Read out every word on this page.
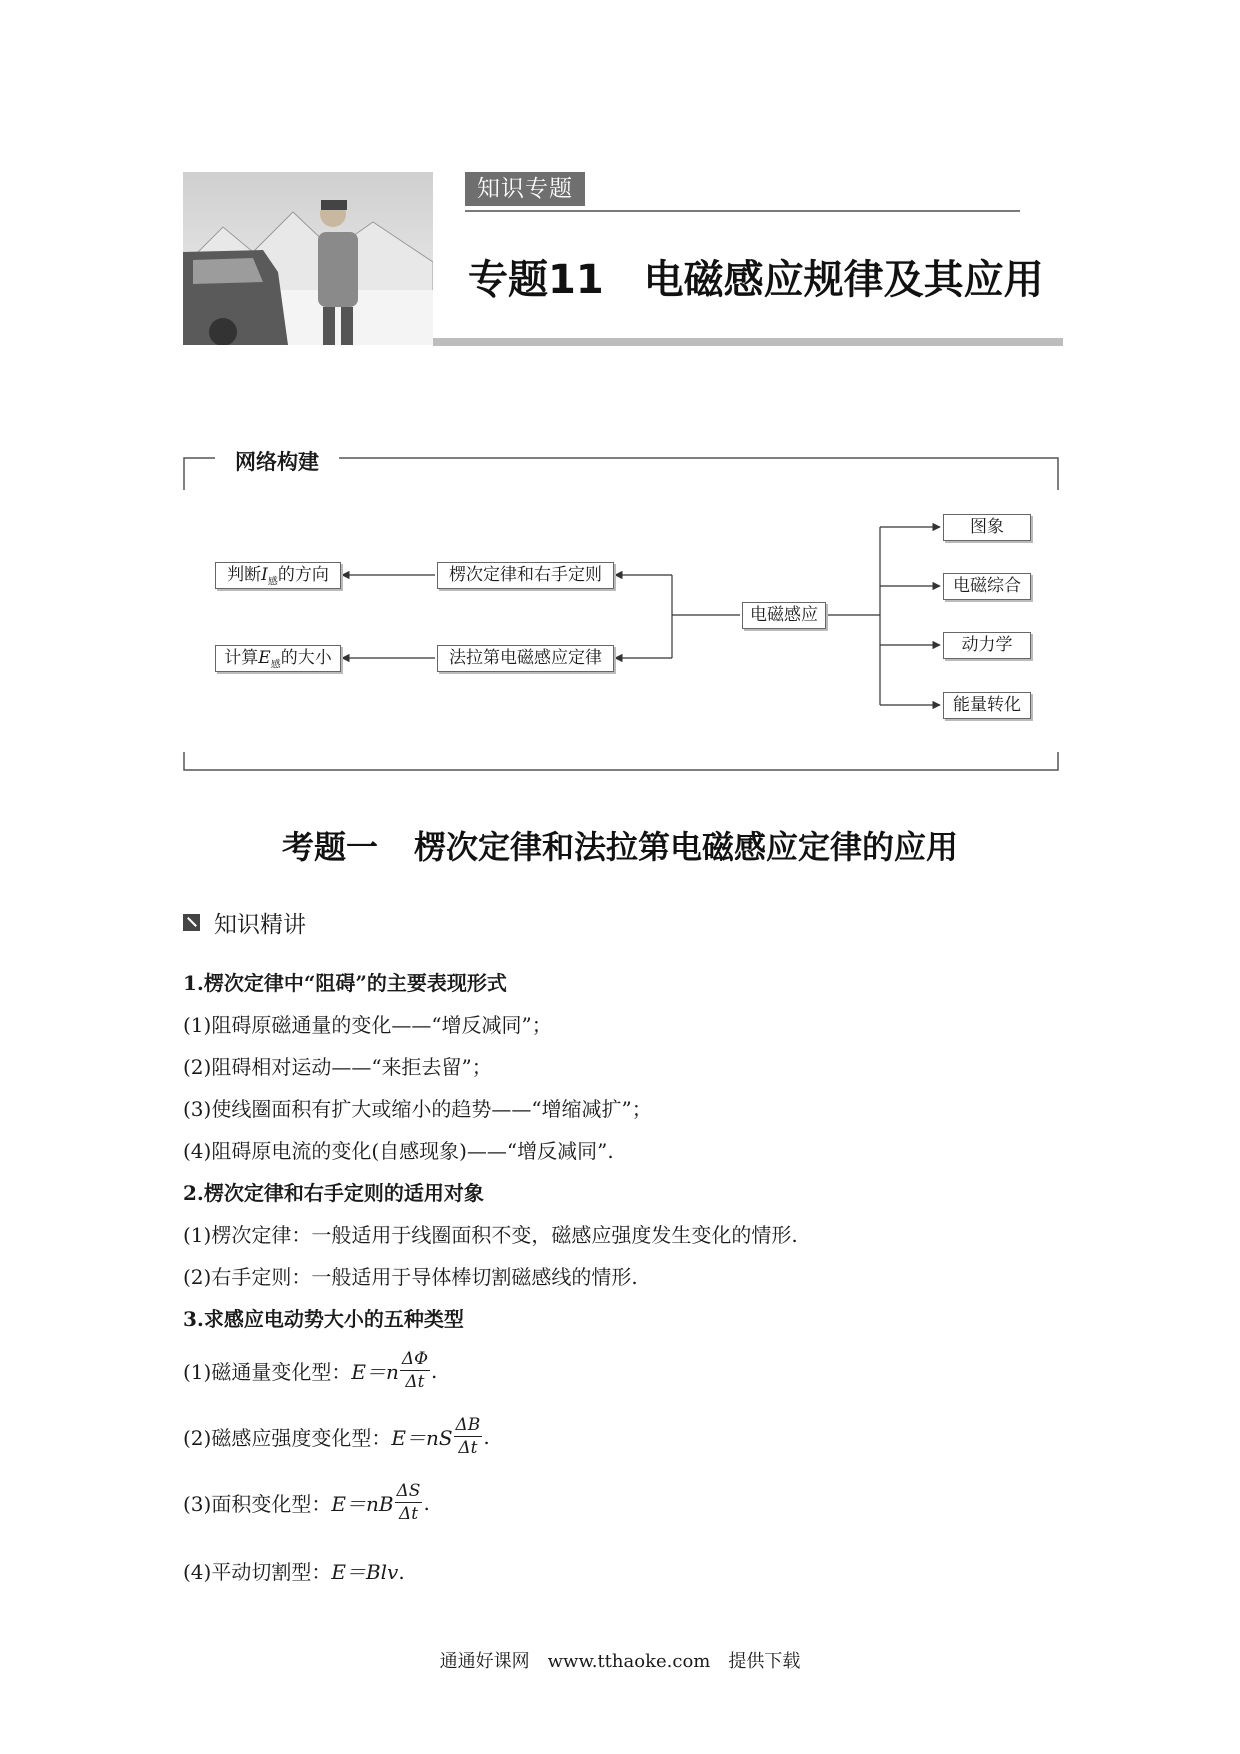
知识专题
专题11　电磁感应规律及其应用
网络构建
判断$I_感$的方向
计算$E_感$的大小
楞次定律和右手定则
法拉第电磁感应定律
电磁感应
图象
电磁综合
动力学
能量转化
考题一 楞次定律和法拉第电磁感应定律的应用
知识精讲
1.楞次定律中“阻碍”的主要表现形式
(1)阻碍原磁通量的变化——“增反减同”；
(2)阻碍相对运动——“来拒去留”；
(3)使线圈面积有扩大或缩小的趋势——“增缩减扩”；
(4)阻碍原电流的变化(自感现象)——“增反减同”.
2.楞次定律和右手定则的适用对象
(1)楞次定律：一般适用于线圈面积不变，磁感应强度发生变化的情形.
(2)右手定则：一般适用于导体棒切割磁感线的情形.
3.求感应电动势大小的五种类型
(1)磁通量变化型： $E=n \frac{\Delta\Phi}{\Delta t}$ .
(2)磁感应强度变化型： $E=nS \frac{\Delta B}{\Delta t}$ .
(3)面积变化型： $E=nB \frac{\Delta S}{\Delta t}$ .
(4)平动切割型：E＝Blv.
通通好课网　www.tthaoke.com　提供下载
